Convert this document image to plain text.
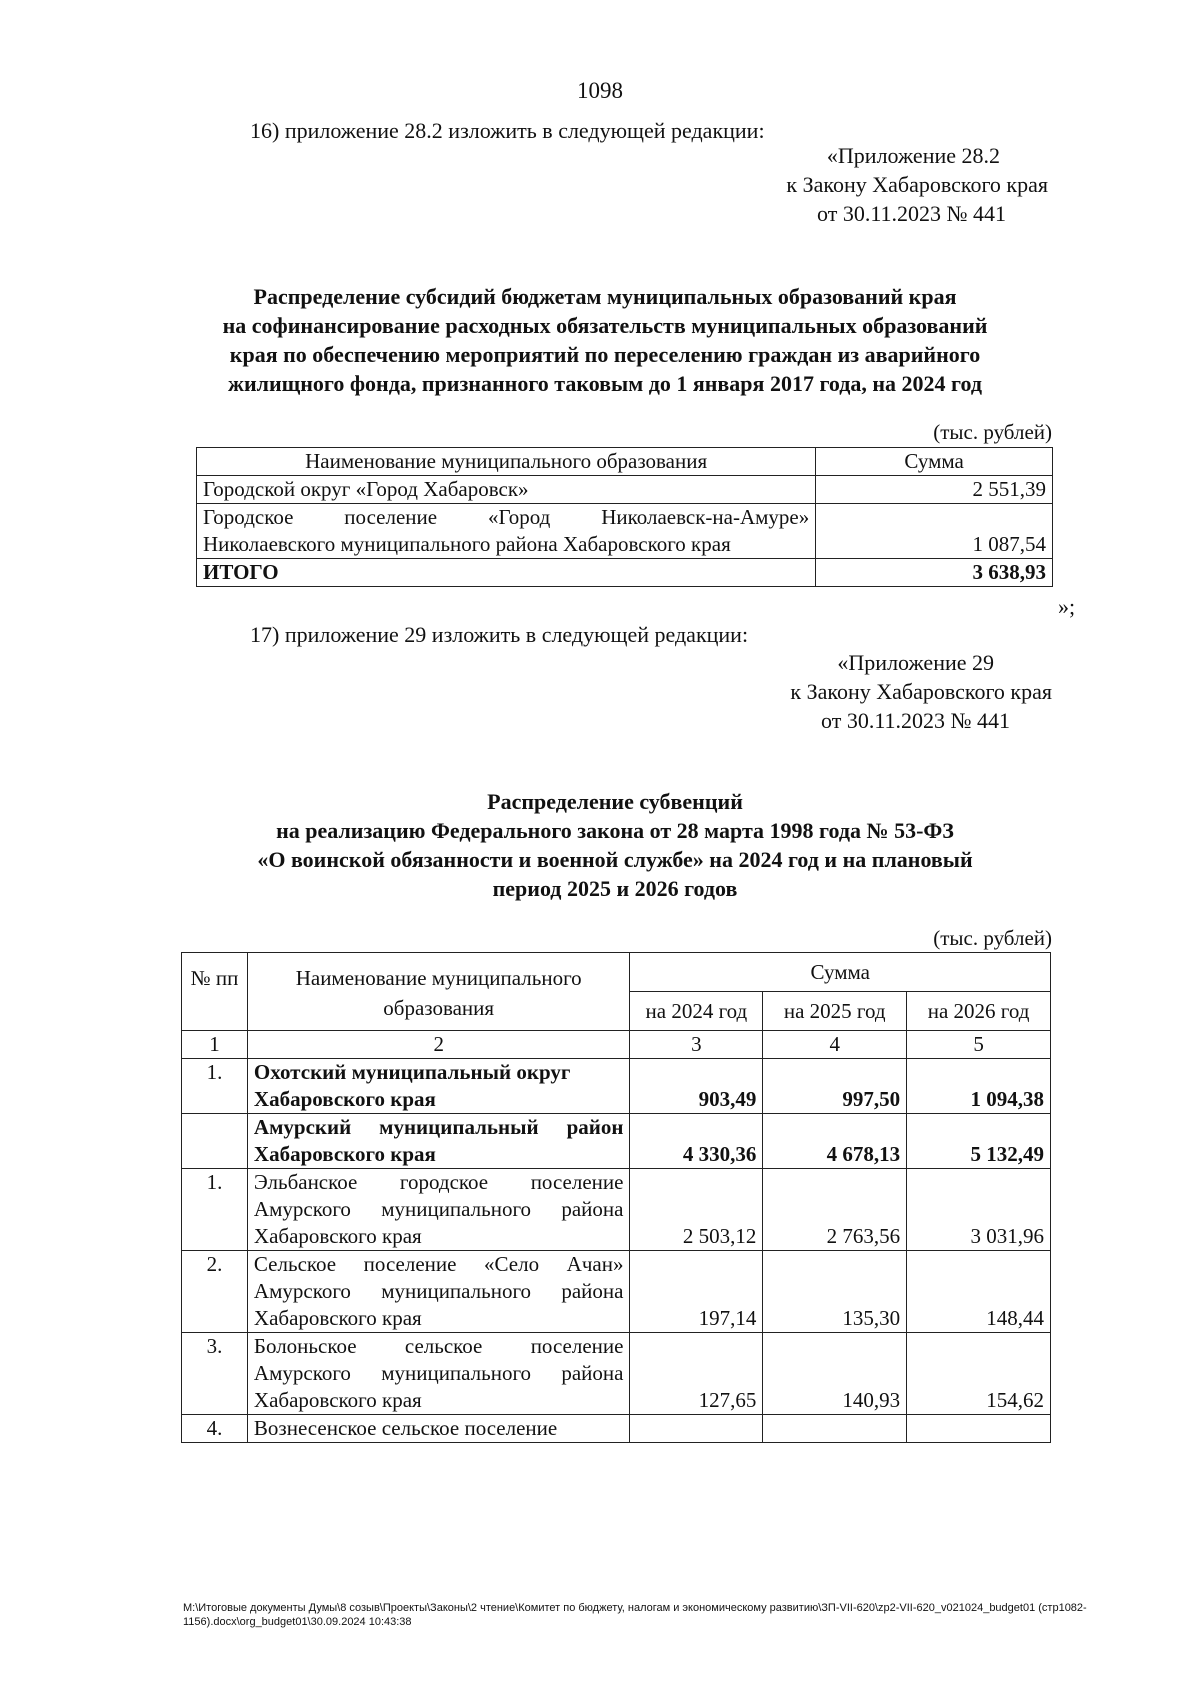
1098
16) приложение 28.2 изложить в следующей редакции:
«Приложение 28.2
к Закону Хабаровского края
от 30.11.2023 № 441
Распределение субсидий бюджетам муниципальных образований края
на софинансирование расходных обязательств муниципальных образований
края по обеспечению мероприятий по переселению граждан из аварийного
жилищного фонда, признанного таковым до 1 января 2017 года, на 2024 год
(тыс. рублей)
Наименование муниципального образования	Сумма
Городской округ «Город Хабаровск»	2 551,39
Городское поселение «Город Николаевск-на-Амуре» Николаевского муниципального района Хабаровского края	1 087,54
ИТОГО	3 638,93
»;
17) приложение 29 изложить в следующей редакции:
«Приложение 29
к Закону Хабаровского края
от 30.11.2023 № 441
Распределение субвенций
на реализацию Федерального закона от 28 марта 1998 года № 53-ФЗ
«О воинской обязанности и военной службе» на 2024 год и на плановый
период 2025 и 2026 годов
(тыс. рублей)
№ пп	Наименование муниципального образования	Сумма		
		на 2024 год	на 2025 год	на 2026 год
1	2	3	4	5
1.	Охотский муниципальный округ Хабаровского края	903,49	997,50	1 094,38
	Амурский муниципальный район Хабаровского края	4 330,36	4 678,13	5 132,49
1.	Эльбанское городское поселение Амурского муниципального района Хабаровского края	2 503,12	2 763,56	3 031,96
2.	Сельское поселение «Село Ачан» Амурского муниципального района Хабаровского края	197,14	135,30	148,44
3.	Болоньское сельское поселение Амурского муниципального района Хабаровского края	127,65	140,93	154,62
4.	Вознесенское сельское поселение			
M:\Итоговые документы Думы\8 созыв\Проекты\Законы\2 чтение\Комитет по бюджету, налогам и экономическому развитию\ЗП-VII-620\zp2-VII-620_v021024_budget01 (стр1082-1156).docx\org_budget01\30.09.2024 10:43:38
